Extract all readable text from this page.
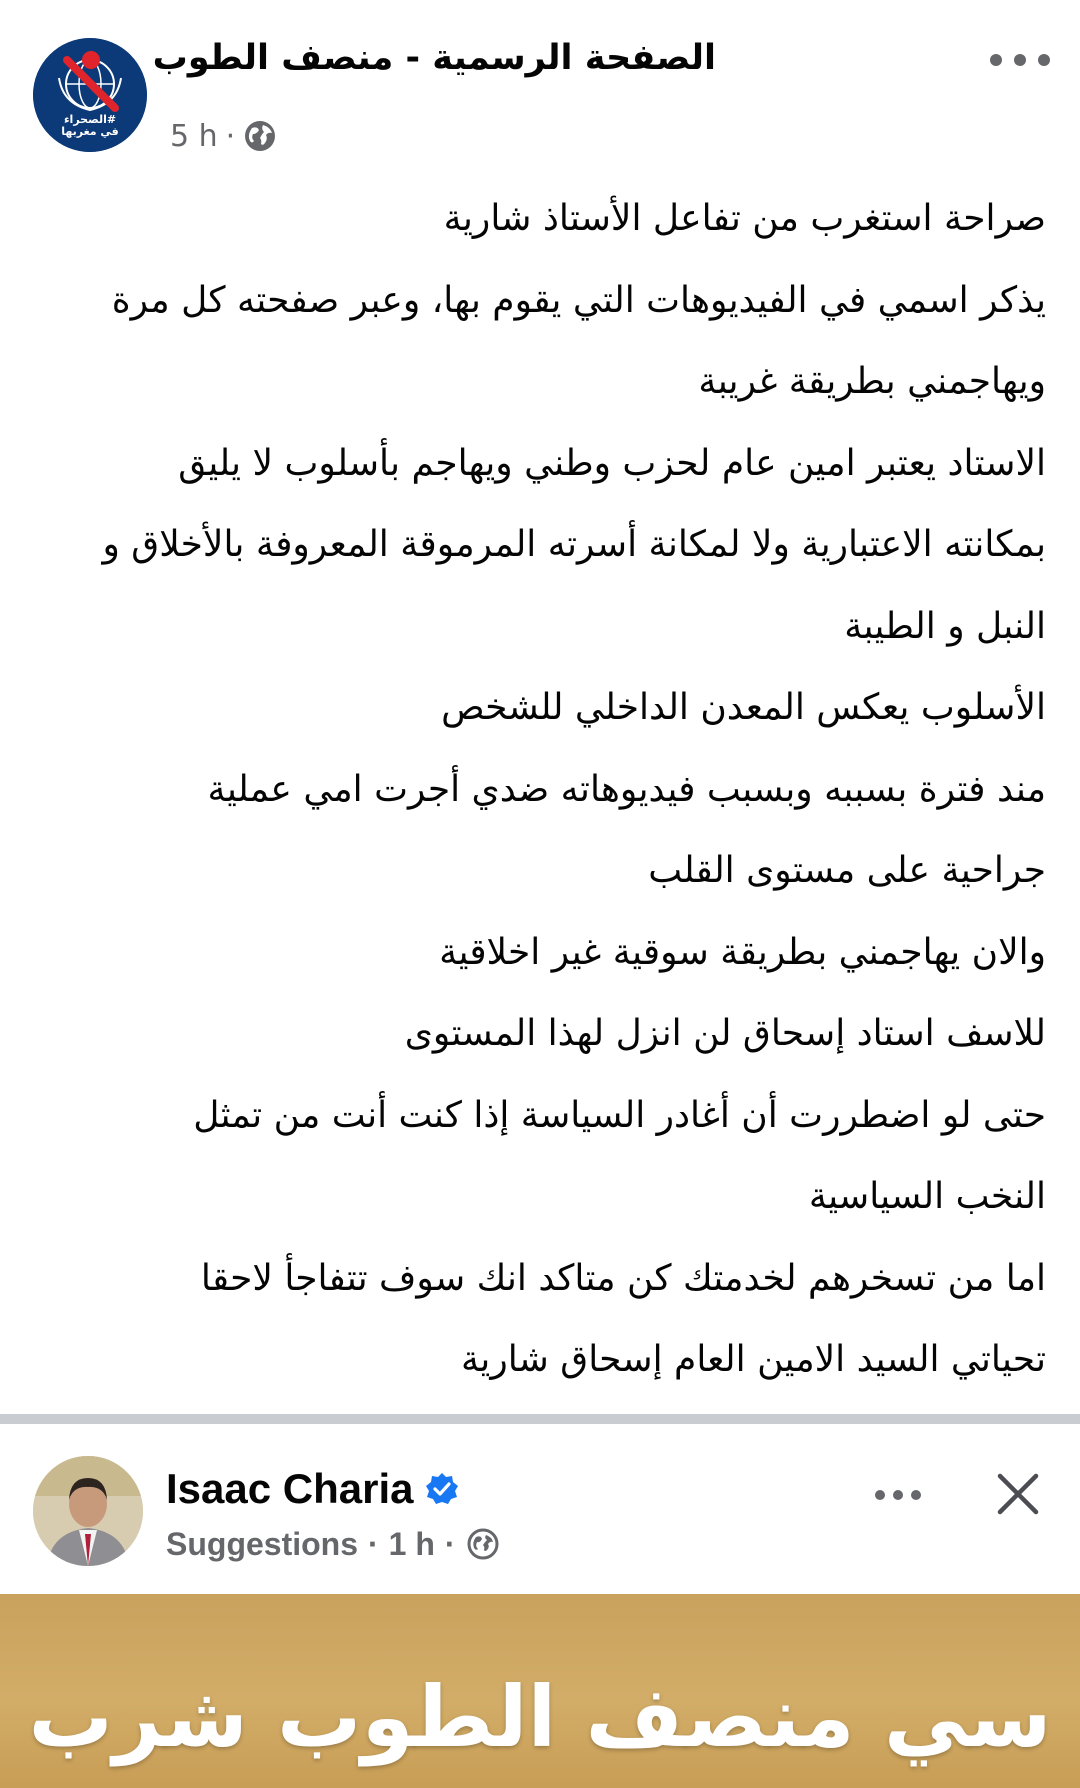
#الصحراء في مغربها
الصفحة الرسمية - منصف الطوب
5 h ·
صراحة استغرب من تفاعل الأستاذ شارية
يذكر اسمي في الفيديوهات التي يقوم بها، وعبر صفحته كل مرة
ويهاجمني بطريقة غريبة
الاستاد يعتبر امين عام لحزب وطني ويهاجم بأسلوب لا يليق
بمكانته الاعتبارية ولا لمكانة أسرته المرموقة المعروفة بالأخلاق و
النبل و الطيبة
الأسلوب يعكس المعدن الداخلي للشخص
مند فترة بسببه وبسبب فيديوهاته ضدي أجرت امي عملية
جراحية على مستوى القلب
والان يهاجمني بطريقة سوقية غير اخلاقية
للاسف استاد إسحاق لن انزل لهذا المستوى
حتى لو اضطررت أن أغادر السياسة إذا كنت أنت من تمثل
النخب السياسية
اما من تسخرهم لخدمتك كن متاكد انك سوف تتفاجأ لاحقا
تحياتي السيد الامين العام إسحاق شارية
Isaac Charia
Suggestions · 1 h ·
سي منصف الطوب شرب
